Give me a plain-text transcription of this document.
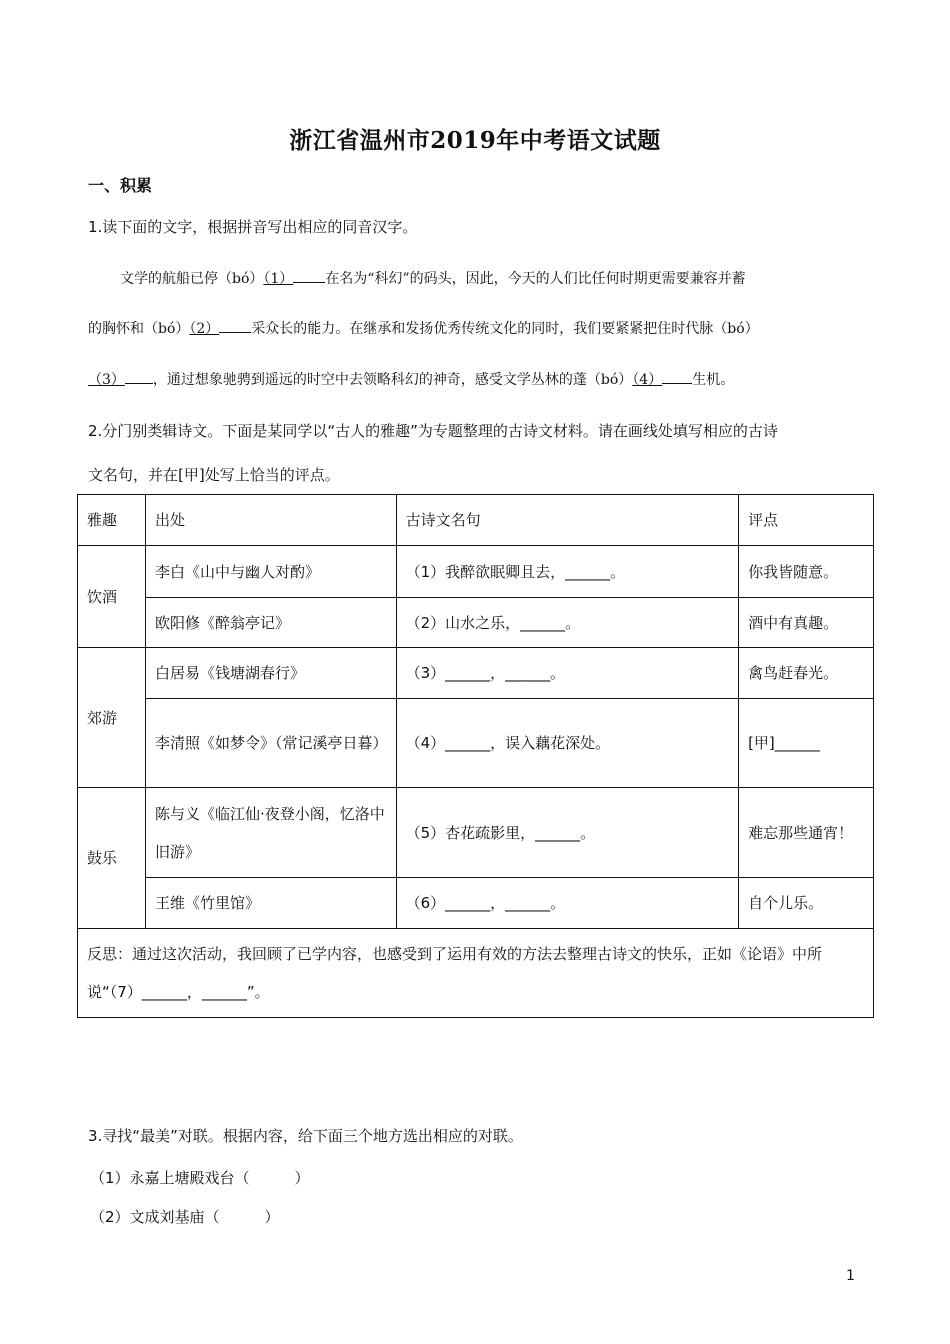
浙江省温州市2019年中考语文试题
一、积累
1.读下面的文字，根据拼音写出相应的同音汉字。
文学的航船已停（bó）（1） 在名为“科幻”的码头，因此，今天的人们比任何时期更需要兼容并蓄
的胸怀和（bó）（2） 采众长的能力。在继承和发扬优秀传统文化的同时，我们要紧紧把住时代脉（bó）
（3） ，通过想象驰骋到遥远的时空中去领略科幻的神奇，感受文学丛林的蓬（bó）（4） 生机。
2.分门别类辑诗文。下面是某同学以“古人的雅趣”为专题整理的古诗文材料。请在画线处填写相应的古诗
文名句，并在[甲]处写上恰当的评点。
雅趣	出处	古诗文名句	评点
饮酒	李白《山中与幽人对酌》	（1）我醉欲眠卿且去，______。	你我皆随意。
	欧阳修《醉翁亭记》	（2）山水之乐，______。	酒中有真趣。
郊游	白居易《钱塘湖春行》	（3）______，______。	禽鸟赶春光。
	李清照《如梦令》（常记溪亭日暮）	（4）______，误入藕花深处。	[甲]______
鼓乐	陈与义《临江仙·夜登小阁，忆洛中旧游》	（5）杏花疏影里，______。	难忘那些通宵！
	王维《竹里馆》	（6）______，______。	自个儿乐。
反思：通过这次活动，我回顾了已学内容，也感受到了运用有效的方法去整理古诗文的快乐，正如《论语》中所说“（7）______，______”。			
3.寻找“最美”对联。根据内容，给下面三个地方选出相应的对联。
（1）永嘉上塘殿戏台（　　　）
（2）文成刘基庙（　　　）
1
